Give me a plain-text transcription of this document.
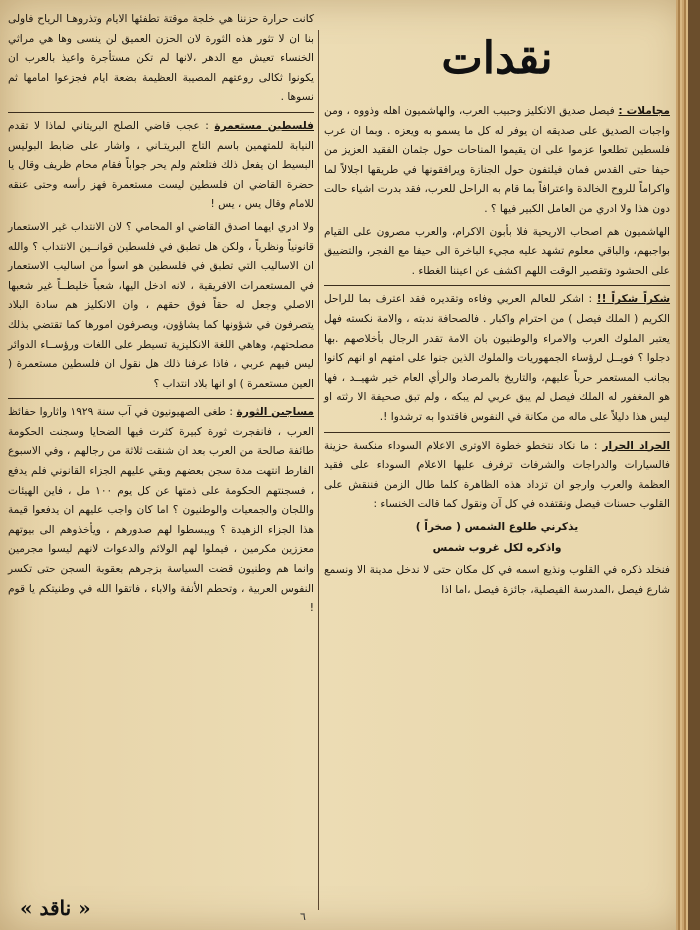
نقدات

مجاملات : فيصل صديق الانكليز وحبيب العرب، والهاشميون اهله وذووه ، ومن واجبات الصديق على صديقه ان يوفر له كل ما يسمو به ويعزه . وبما ان عرب فلسطين تطلعوا عزموا على ان يقيموا المناحات حول جثمان الفقيد العزيز من حيفا حتى القدس فمان فيلتفون حول الجنازة ويرافقونها في طريقها اجلالاً لما واكراماً للروح الخالدة واعترافاً بما قام به الراحل للعرب، فقد بدرت اشياء حالت دون هذا ولا ادري من العامل الكبير فيها ؟ .

الهاشميون هم اصحاب الاريحية فلا بأبون الاكرام، والعرب مصرون على القيام بواجبهم، والباقي معلوم تشهد عليه مجيء الباخرة الى حيفا مع الفجر، والتضييق على الحشود وتقصير الوقت اللهم اكشف عن اعيننا الغطاء .

شكراً شكراً !! : اشكر للعالم العربي وفاءه وتقديره فقد اعترف بما للراحل الكريم ( الملك فيصل ) من احترام واكبار . فالصحافة ندبته ، والامة نكسته فهل يعتبر الملوك العرب والامراء والوطنيون بان الامة تقدر الرجال بأخلاصهم .بها دجلوا ؟ فويــل لرؤساء الجمهوريات والملوك الذين جنوا على امتهم او انهم كانوا بجانب المستعمر حرباً عليهم، والتاريخ بالمرصاد والرأي العام خير شهيــد ، فها هو المغفور له الملك فيصل لم يبق عربي لم يبكه ، ولم تبق صحيفة الا رثته او ليس هذا دليلاً على ماله من مكانة في النفوس فاقتدوا به ترشدوا !.

الجراد الجرار : ما نكاد نتخطو خطوة الاوترى الاعلام السوداء منكسة حزينة فالسيارات والدراجات والشرفات ترفرف عليها الاعلام السوداء على فقيد العظمة والعرب وارجو ان تزداد هذه الظاهرة كلما طال الزمن فننقش على القلوب حسنات فيصل ونقتفده في كل آن ونقول كما قالت الخنساء :

يذكرني طلوع الشمس ( صخراً )
واذكره لكل غروب شمس

فنخلد ذكره في القلوب ونذيع اسمه في كل مكان حتى لا ندخل مدينة الا ونسمع شارع فيصل ،المدرسة الفيصلية، جائزة فيصل ،اما اذا

كانت حرارة حزننا هي خلجة موقتة تطفئها الايام وتذروهـا الرياح فاولى بنا ان لا تثور هذه الثورة لان الحزن العميق لن ينسى وها هي مراثي الخنساء تعيش مع الدهر ،لانها لم تكن مستأجرة واعيذ بالعرب ان يكونوا ثكالى روعتهم المصيبة العظيمة بضعة ايام فجزعوا امامها ثم نسوها .

فلسطين مستعمرة : عجب قاضي الصلح البريتاني لماذا لا تقدم النيابة للمتهمين باسم التاج البريتـاني ، واشار على ضابط البوليس البسيط ان يفعل ذلك فتلعثم ولم يحر جواباً فقام محام ظريف وقال يا حضرة القاضي ان فلسطين ليست مستعمرة فهز رأسه وحتى عنقه للامام وقال يس ، يس !

ولا ادري ايهما اصدق القاضي او المحامي ؟ لان الانتداب غير الاستعمار قانونياً ونظرياً ، ولكن هل تطبق في فلسطين قوانــين الانتداب ؟ والله ان الاساليب التي تطبق في فلسطين هو اسوأ من اساليب الاستعمار في المستعمرات الافريقية ، لانه ادخل اليها، شعباً خليطــاً غير شعبها الاصلي وجعل له حقاً فوق حقهم ، وان الانكليز هم سادة البلاد يتصرفون في شؤونها كما يشاؤون، ويصرفون امورها كما تقتضي بذلك مصلحتهم، وهاهي اللغة الانكليزية تسيطر على اللغات ورؤســاء الدوائر ليس فيهم عربي ، فاذا عرفنا ذلك هل نقول ان فلسطين مستعمرة ( العين مستعمرة ) او انها بلاد انتداب ؟

مساجين الثورة : طغى الصهيونيون في آب سنة ١٩٢٩ واثاروا حفائظ العرب ، فانفجرت ثورة كبيرة كثرت فيها الضحايا وسجنت الحكومة طائفة صالحة من العرب بعد ان شنقت ثلاثة من رجالهم ، وفي الاسبوع الفارط انتهت مدة سجن بعضهم وبقي عليهم الجزاء القانوني فلم يدفع ، فسجنتهم الحكومة على ذمتها عن كل يوم ١٠٠ مل ، فاين الهيئات واللجان والجمعيات والوطنيون ؟ اما كان واجب عليهم ان يدفعوا قيمة هذا الجزاء الزهيدة ؟ ويبسطوا لهم صدورهم ، ويأخذوهم الى بيوتهم معززين مكرمين ، فيملوا لهم الولائم والدعوات لانهم ليسوا مجرمين وانما هم وطنيون قضت السياسة بزجرهم بعقوبة السجن حتى تكسر النفوس العربية ، وتحطم الأنفة والاباء ، فاتقوا الله في وطنيتكم يا قوم !

« ناقد »	٦
